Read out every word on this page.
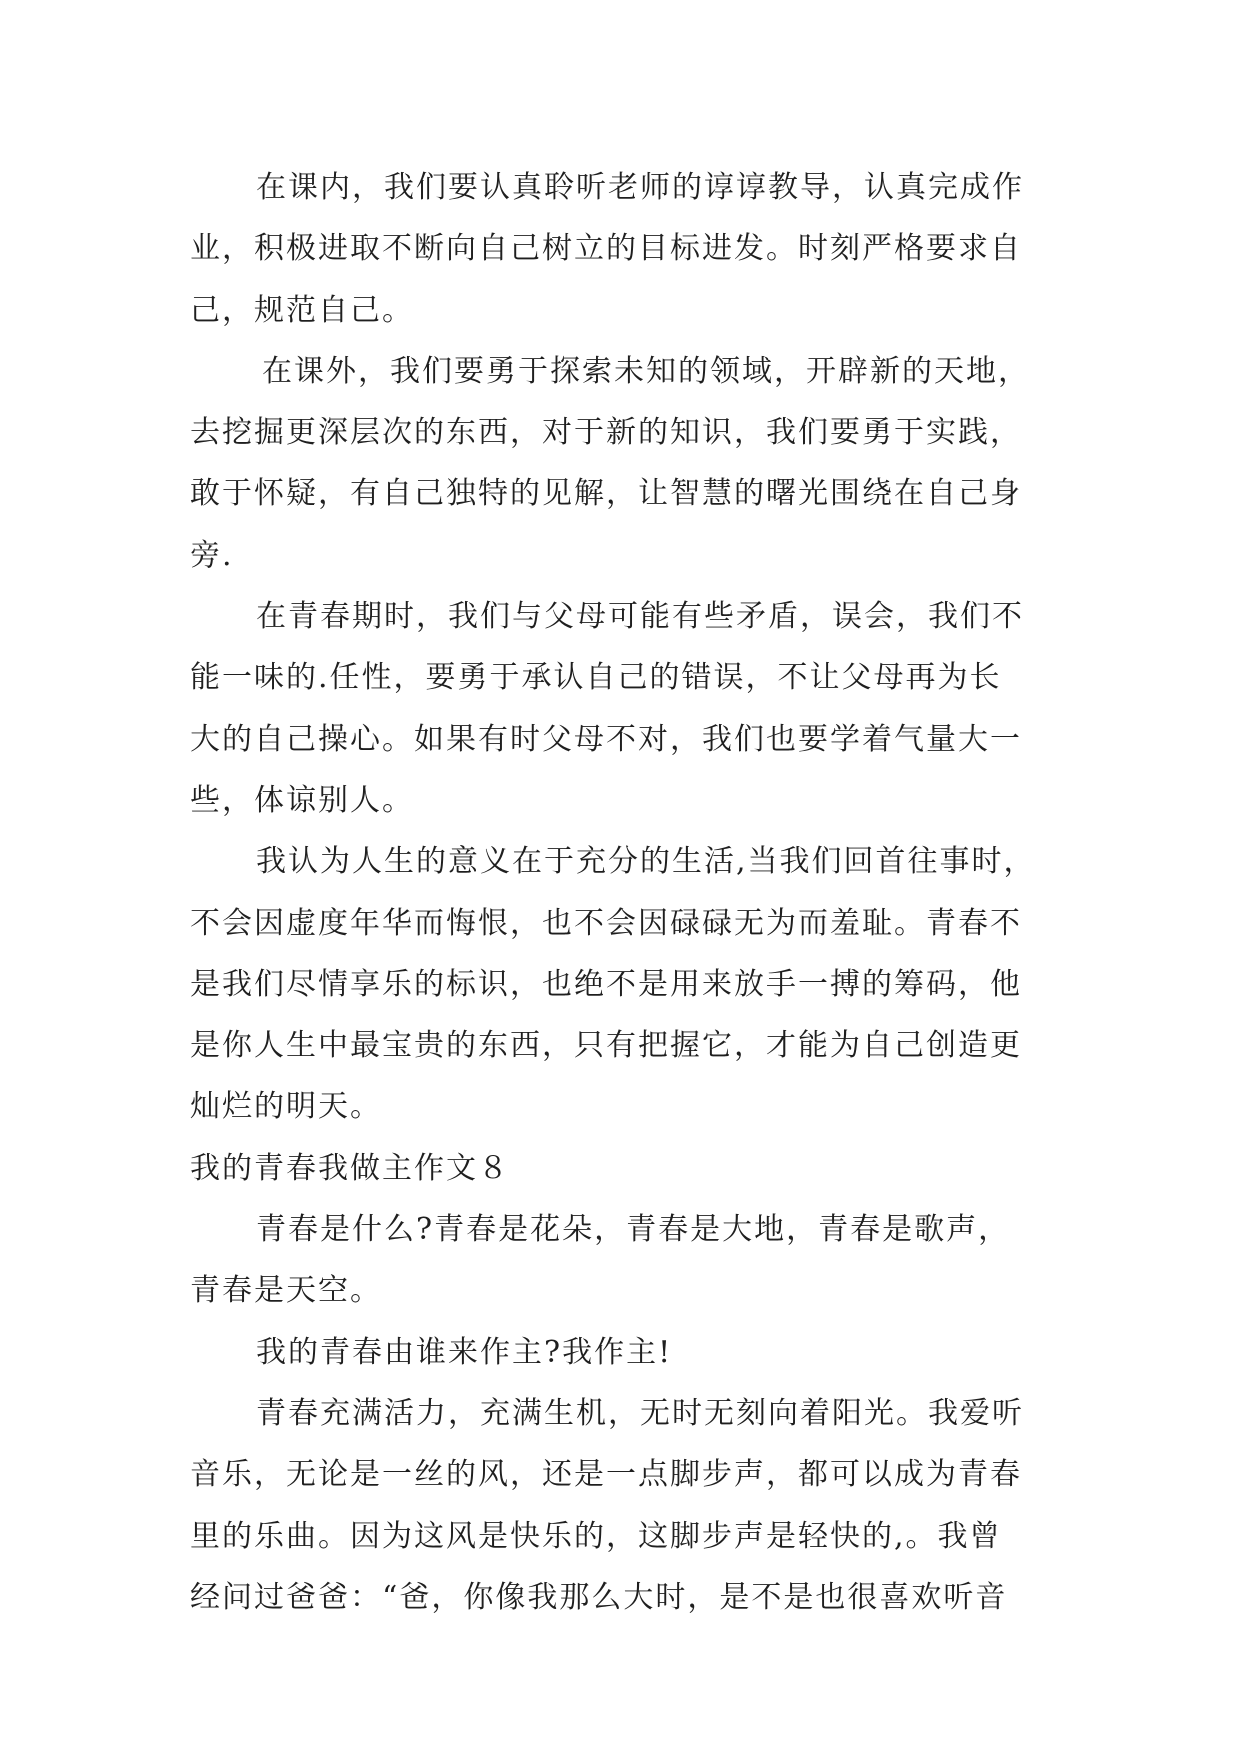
在课内，我们要认真聆听老师的谆谆教导，认真完成作
业，积极进取不断向自己树立的目标进发。时刻严格要求自
己，规范自己。
在课外，我们要勇于探索未知的领域，开辟新的天地，
去挖掘更深层次的东西，对于新的知识，我们要勇于实践，
敢于怀疑，有自己独特的见解，让智慧的曙光围绕在自己身
旁.
在青春期时，我们与父母可能有些矛盾，误会，我们不
能一味的.任性，要勇于承认自己的错误，不让父母再为长
大的自己操心。如果有时父母不对，我们也要学着气量大一
些，体谅别人。
我认为人生的意义在于充分的生活,当我们回首往事时，
不会因虚度年华而悔恨，也不会因碌碌无为而羞耻。青春不
是我们尽情享乐的标识，也绝不是用来放手一搏的筹码，他
是你人生中最宝贵的东西，只有把握它，才能为自己创造更
灿烂的明天。
我的青春我做主作文８
青春是什么?青春是花朵，青春是大地，青春是歌声，
青春是天空。
我的青春由谁来作主?我作主!
青春充满活力，充满生机，无时无刻向着阳光。我爱听
音乐，无论是一丝的风，还是一点脚步声，都可以成为青春
里的乐曲。因为这风是快乐的，这脚步声是轻快的,。我曾
经问过爸爸：“爸，你像我那么大时，是不是也很喜欢听音
